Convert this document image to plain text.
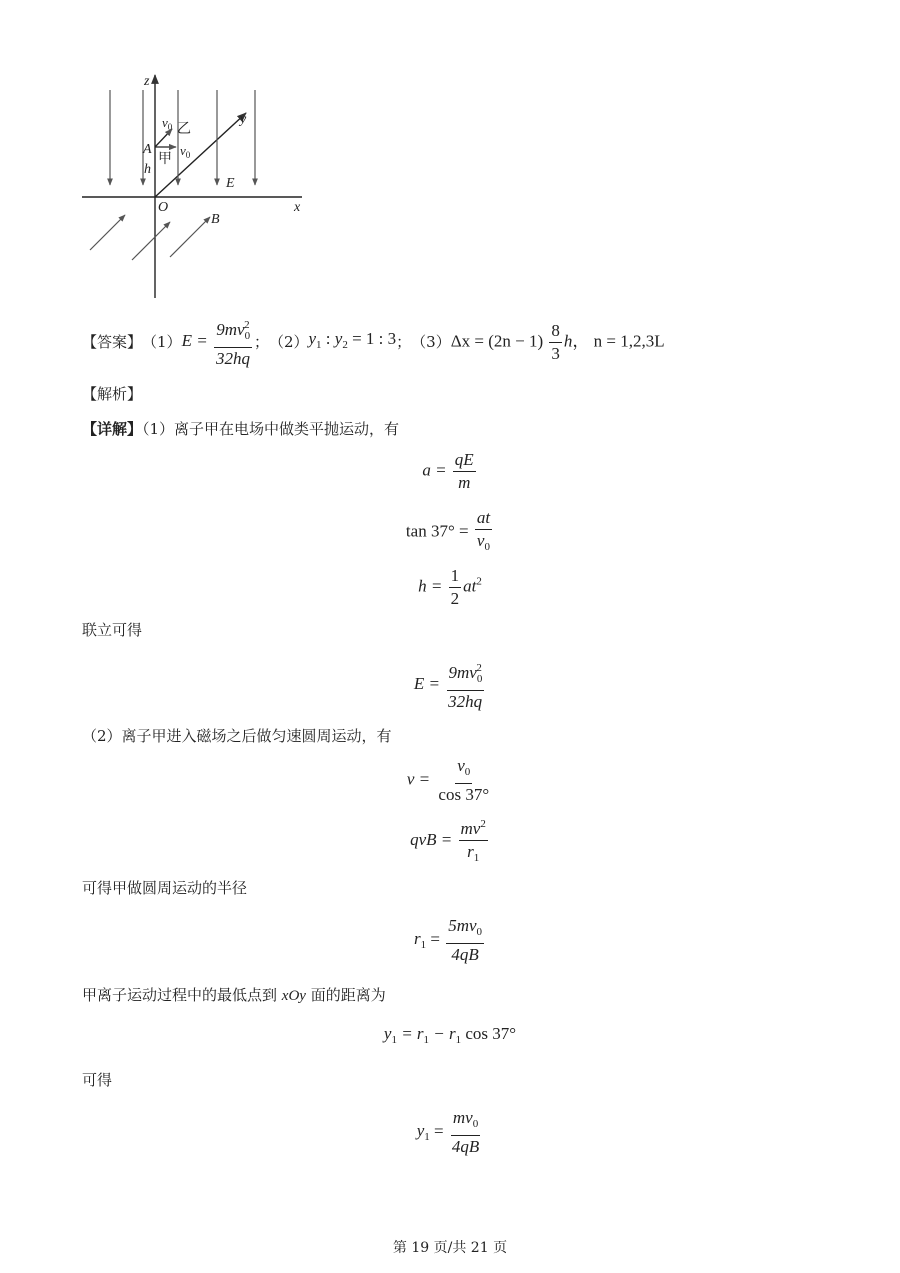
z
y
x
$v_0$ 乙
$v_0$
A
甲
h
E
O
B
【答案】 （1） $E = \frac{9mv_0^2}{32hq}$ ； （2） $y_1$ : $y_2 = 1$ : 3 ； （3） $\Delta x = (2n - 1) \frac{8}{3}$ h， n = 1,2,3L
【解析】
【详解】（1）离子甲在电场中做类平抛运动，有
$a = \frac{qE}{m}$
$\tan 37^\circ = \frac{at}{v_0}$
$h = \frac{1}{2} at^2$
联立可得
$E = \frac{9mv_0^2}{32hq}$
（2）离子甲进入磁场之后做匀速圆周运动，有
$v = \frac{v_0}{\cos 37^\circ}$
qvB = $\frac{mv^2}{r_1}$
可得甲做圆周运动的半径
$r_1 = \frac{5mv_0}{4qB}$
甲离子运动过程中的最低点到 xOy 面的距离为
$y_1 = r_1 - r_1$ cos 37°
可得
$y_1 = \frac{mv_0}{4qB}$
第 19 页/共 21 页
